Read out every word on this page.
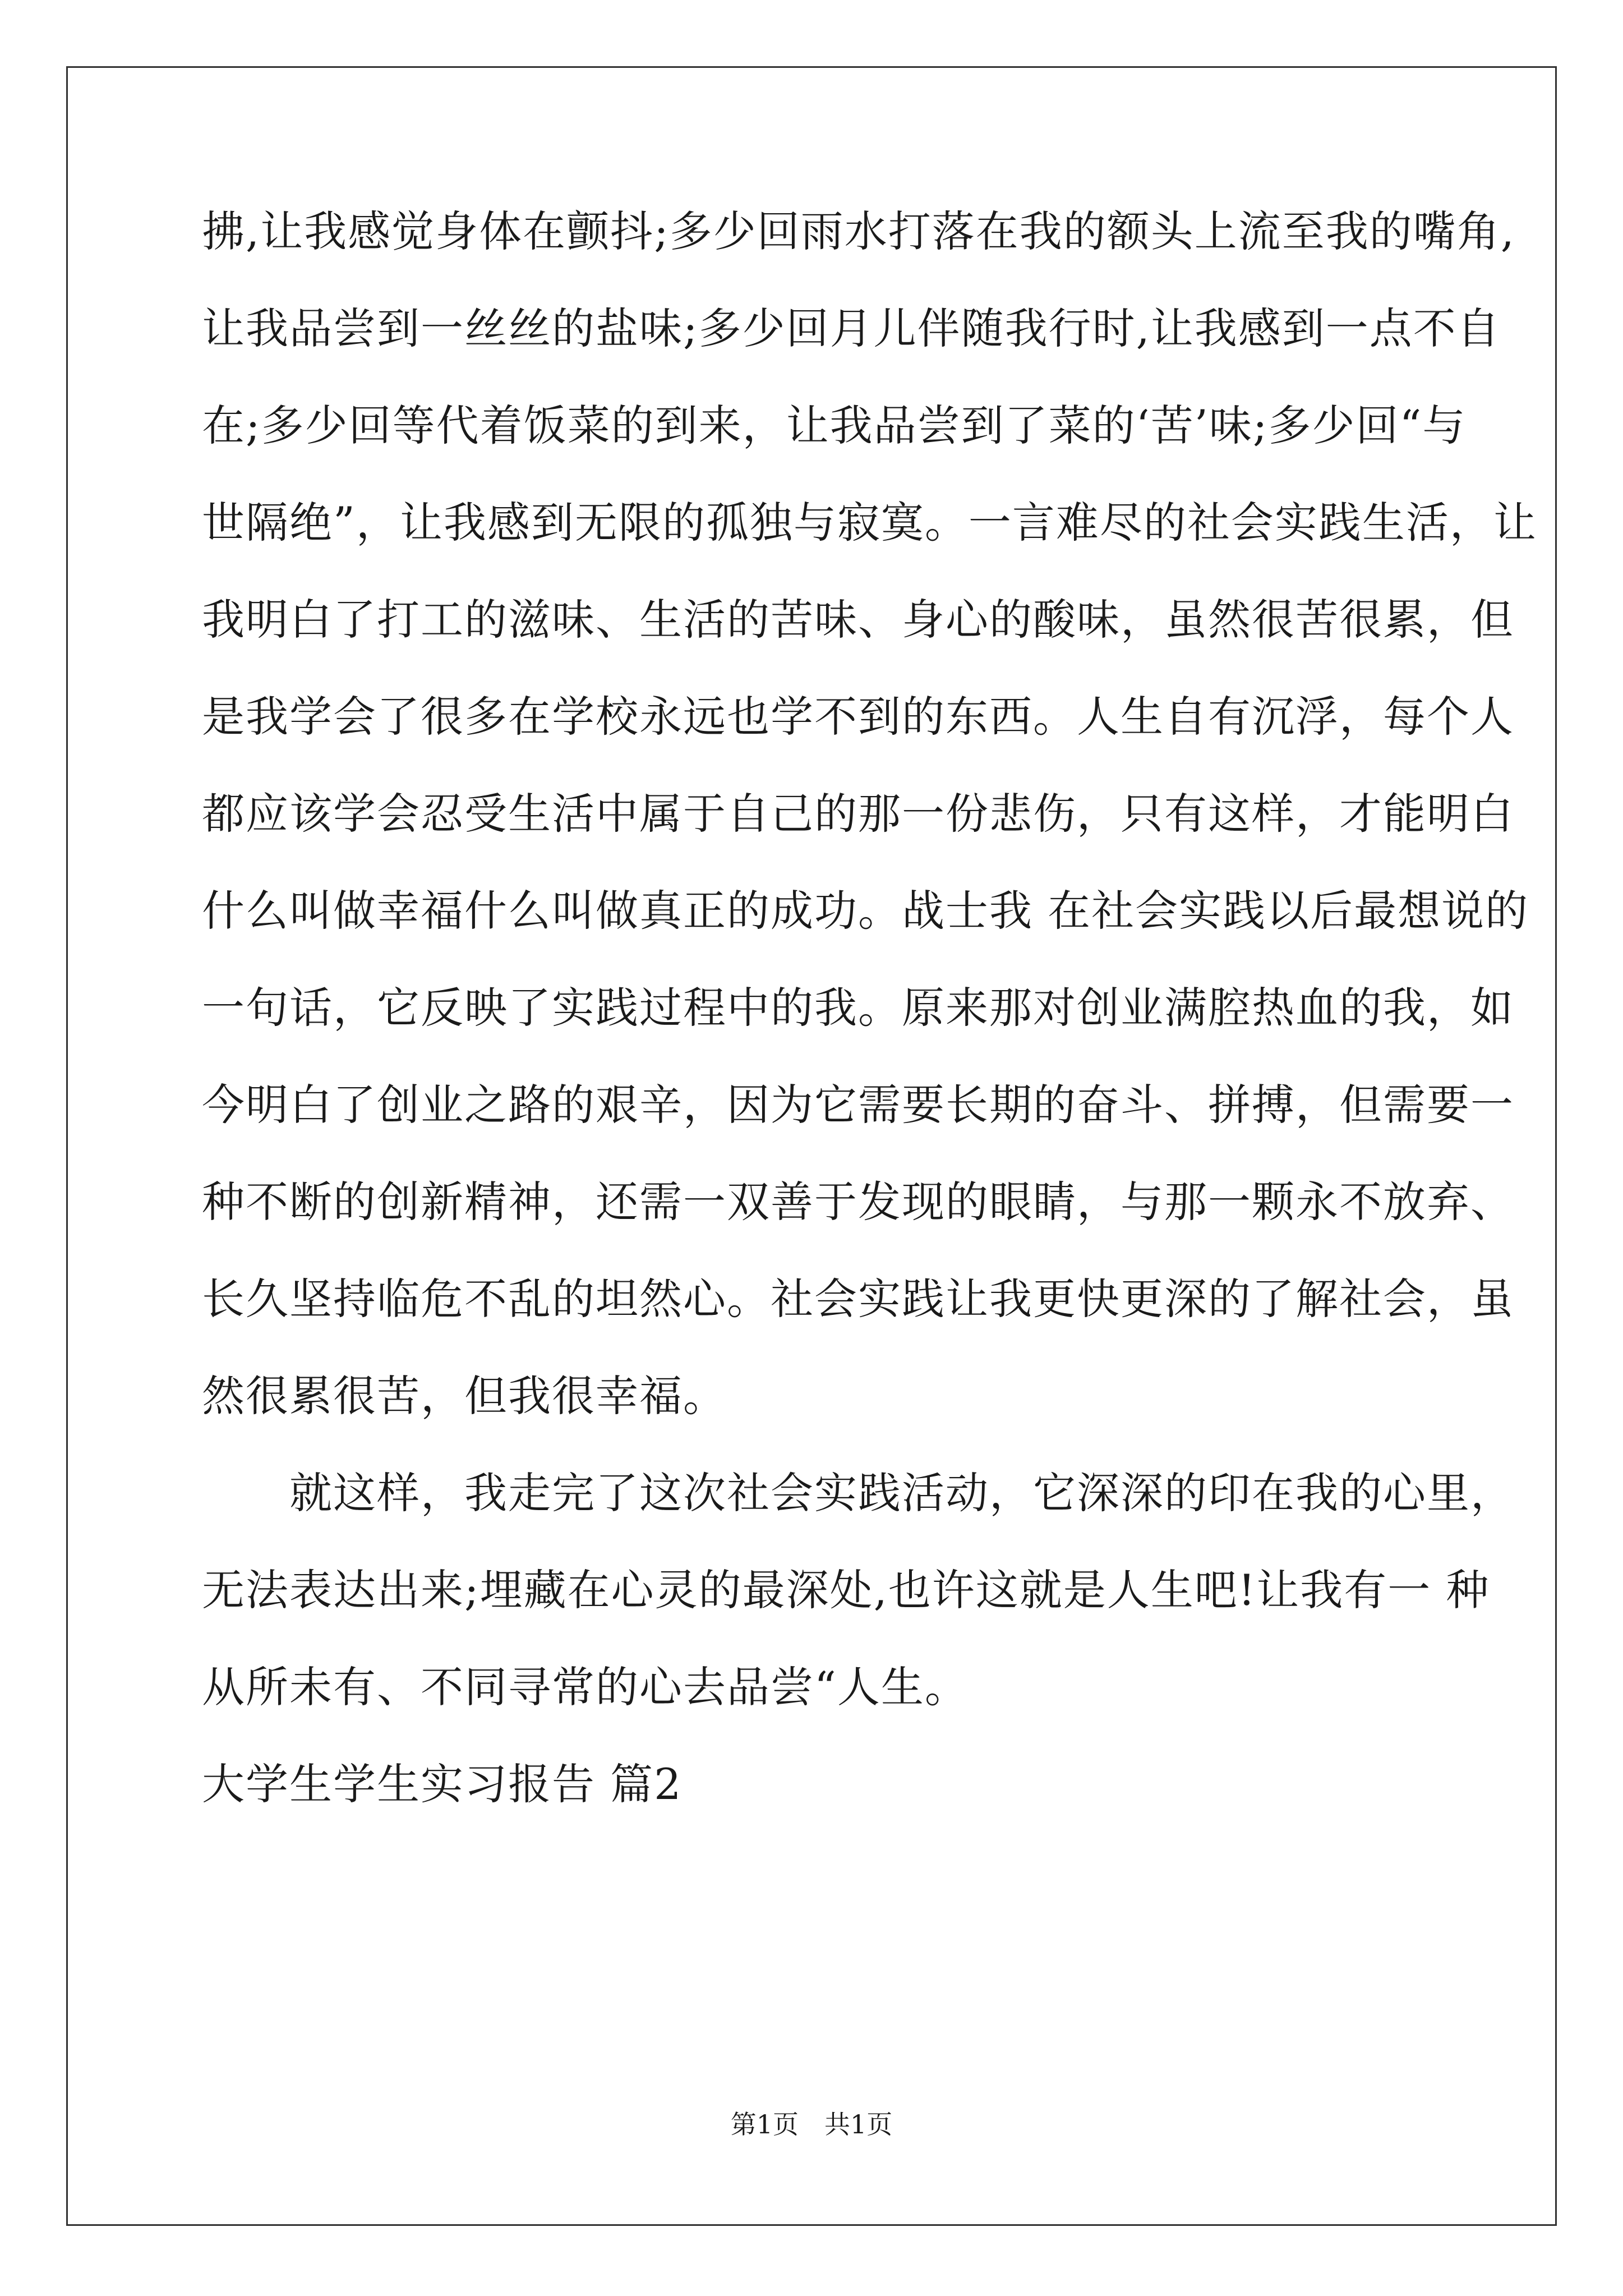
拂,让我感觉身体在颤抖;多少回雨水打落在我的额头上流至我的嘴角,
让我品尝到一丝丝的盐味;多少回月儿伴随我行时,让我感到一点不自
在;多少回等代着饭菜的到来，让我品尝到了菜的‘苦’味;多少回“与
世隔绝”，让我感到无限的孤独与寂寞。一言难尽的社会实践生活，让
我明白了打工的滋味、生活的苦味、身心的酸味，虽然很苦很累，但
是我学会了很多在学校永远也学不到的东西。人生自有沉浮，每个人
都应该学会忍受生活中属于自己的那一份悲伤，只有这样，才能明白
什么叫做幸福什么叫做真正的成功。战士我 在社会实践以后最想说的
一句话，它反映了实践过程中的我。原来那对创业满腔热血的我，如
今明白了创业之路的艰辛，因为它需要长期的奋斗、拼搏，但需要一
种不断的创新精神，还需一双善于发现的眼睛，与那一颗永不放弃、
长久坚持临危不乱的坦然心。社会实践让我更快更深的了解社会，虽
然很累很苦，但我很幸福。
　　就这样，我走完了这次社会实践活动，它深深的印在我的心里，
无法表达出来;埋藏在心灵的最深处,也许这就是人生吧!让我有一 种
从所未有、不同寻常的心去品尝“人生。
大学生学生实习报告 篇2
第1页　共1页
